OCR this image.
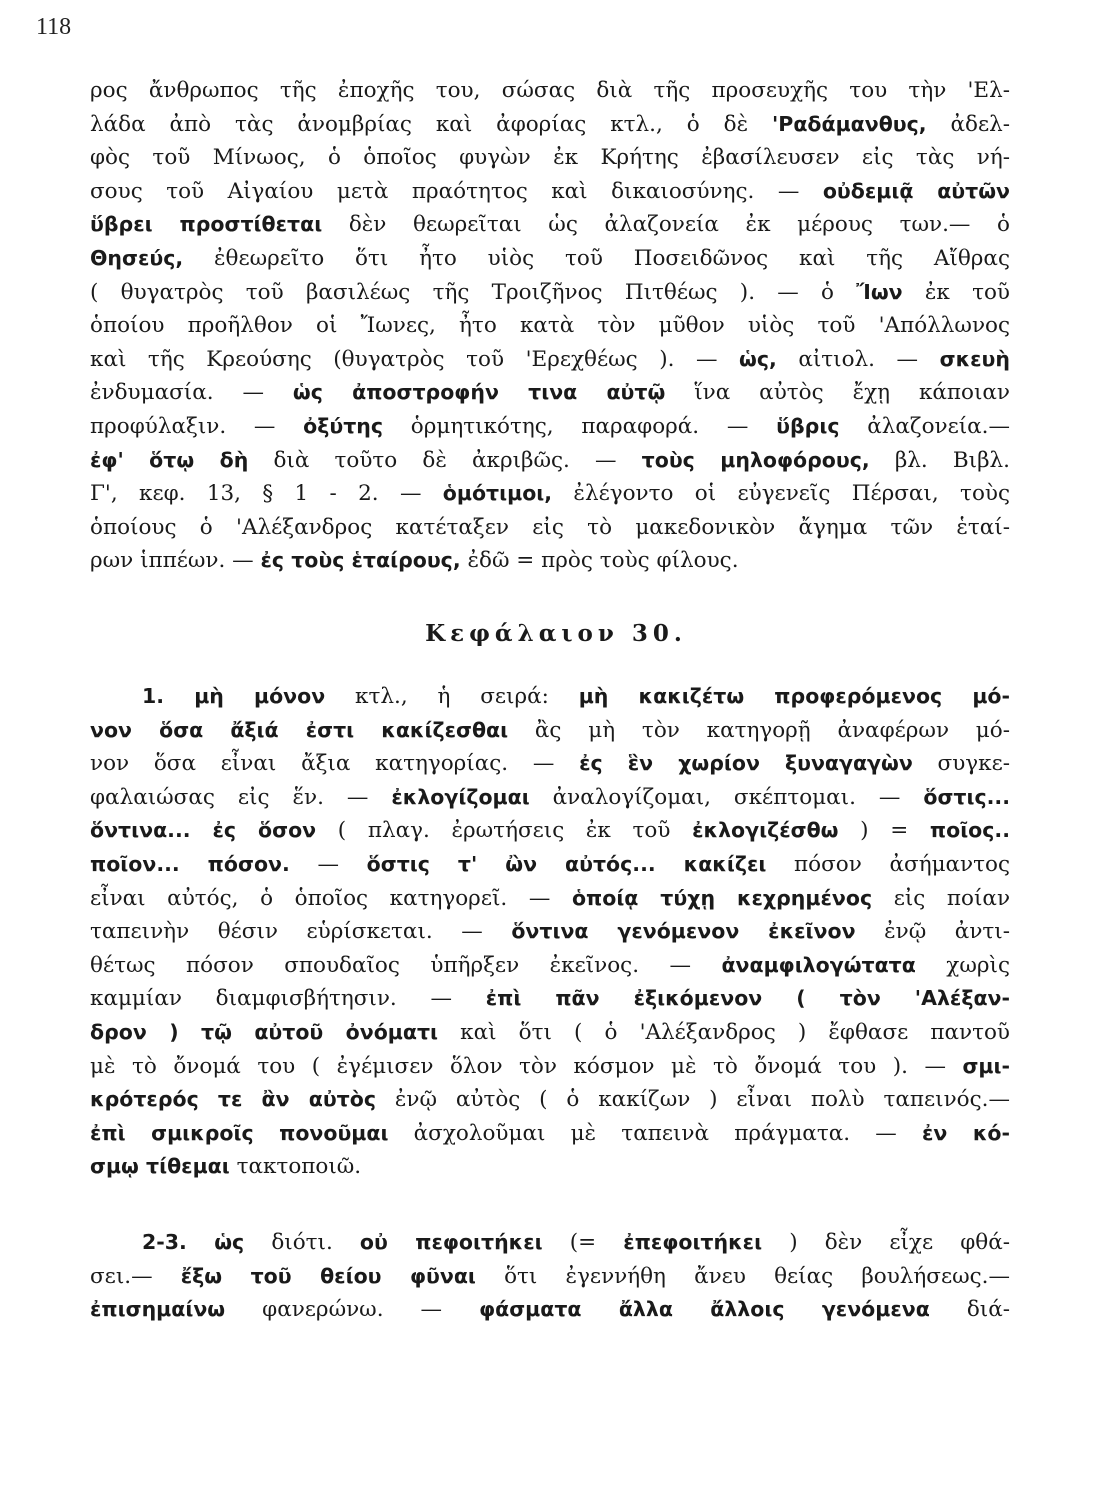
118
ρος ἄνθρωπος τῆς ἐποχῆς του, σώσας διὰ τῆς προσευχῆς του τὴν 'Ελ-
λάδα ἀπὸ τὰς ἀνομβρίας καὶ ἀφορίας κτλ., ὁ δὲ 'Ραδάμανθυς, ἀδελ-
φὸς τοῦ Μίνωος, ὁ ὁποῖος φυγὼν ἐκ Κρήτης ἐβασίλευσεν εἰς τὰς νή-
σους τοῦ Αἰγαίου μετὰ πραότητος καὶ δικαιοσύνης. — οὐδεμιᾷ αὐτῶν
ὕβρει προστίθεται δὲν θεωρεῖται ὡς ἀλαζονεία ἐκ μέρους των.— ὁ
Θησεύς, ἐθεωρεῖτο ὅτι ἦτο υἱὸς τοῦ Ποσειδῶνος καὶ τῆς Αἴθρας
( θυγατρὸς τοῦ βασιλέως τῆς Τροιζῆνος Πιτθέως ). — ὁ Ἴων ἐκ τοῦ
ὁποίου προῆλθον οἱ Ἴωνες, ἦτο κατὰ τὸν μῦθον υἱὸς τοῦ 'Απόλλωνος
καὶ τῆς Κρεούσης (θυγατρὸς τοῦ 'Ερεχθέως ). — ὡς, αἰτιολ. — σκευὴ
ἐνδυμασία. — ὡς ἀποστροφήν τινα αὐτῷ ἵνα αὐτὸς ἔχῃ κάποιαν
προφύλαξιν. — ὀξύτης ὁρμητικότης, παραφορά. — ὕβρις ἀλαζονεία.—
ἐφ' ὅτῳ δὴ διὰ τοῦτο δὲ ἀκριβῶς. — τοὺς μηλοφόρους, βλ. Βιβλ.
Γ', κεφ. 13, § 1 - 2. — ὁμότιμοι, ἐλέγοντο οἱ εὐγενεῖς Πέρσαι, τοὺς
ὁποίους ὁ 'Αλέξανδρος κατέταξεν εἰς τὸ μακεδονικὸν ἄγημα τῶν ἑταί-
ρων ἱππέων. — ἐς τοὺς ἑταίρους, ἐδῶ = πρὸς τοὺς φίλους.
Κεφάλαιον 30.
1. μὴ μόνον κτλ., ἡ σειρά: μὴ κακιζέτω προφερόμενος μό-
νον ὅσα ἄξιά ἐστι κακίζεσθαι ἂς μὴ τὸν κατηγορῇ ἀναφέρων μό-
νον ὅσα εἶναι ἄξια κατηγορίας. — ἐς ἓν χωρίον ξυναγαγὼν συγκε-
φαλαιώσας εἰς ἕν. — ἐκλογίζομαι ἀναλογίζομαι, σκέπτομαι. — ὅστις...
ὅντινα... ἐς ὅσον ( πλαγ. ἐρωτήσεις ἐκ τοῦ ἐκλογιζέσθω ) = ποῖος..
ποῖον... πόσον. — ὅστις τ' ὢν αὐτός... κακίζει πόσον ἀσήμαντος
εἶναι αὐτός, ὁ ὁποῖος κατηγορεῖ. — ὁποίᾳ τύχῃ κεχρημένος εἰς ποίαν
ταπεινὴν θέσιν εὑρίσκεται. — ὅντινα γενόμενον ἐκεῖνον ἐνῷ ἀντι-
θέτως πόσον σπουδαῖος ὑπῆρξεν ἐκεῖνος. — ἀναμφιλογώτατα χωρὶς
καμμίαν διαμφισβήτησιν. — ἐπὶ πᾶν ἐξικόμενον ( τὸν 'Αλέξαν-
δρον ) τῷ αὐτοῦ ὀνόματι καὶ ὅτι ( ὁ 'Αλέξανδρος ) ἔφθασε παντοῦ
μὲ τὸ ὄνομά του ( ἐγέμισεν ὅλον τὸν κόσμον μὲ τὸ ὄνομά του ). — σμι-
κρότερός τε ἂν αὐτὸς ἐνῷ αὐτὸς ( ὁ κακίζων ) εἶναι πολὺ ταπεινός.—
ἐπὶ σμικροῖς πονοῦμαι ἀσχολοῦμαι μὲ ταπεινὰ πράγματα. — ἐν κό-
σμῳ τίθεμαι τακτοποιῶ.
2-3. ὡς διότι. οὐ πεφοιτήκει (= ἐπεφοιτήκει ) δὲν εἶχε φθά-
σει.— ἔξω τοῦ θείου φῦναι ὅτι ἐγεννήθη ἄνευ θείας βουλήσεως.—
ἐπισημαίνω φανερώνω. — φάσματα ἄλλα ἄλλοις γενόμενα διά-
